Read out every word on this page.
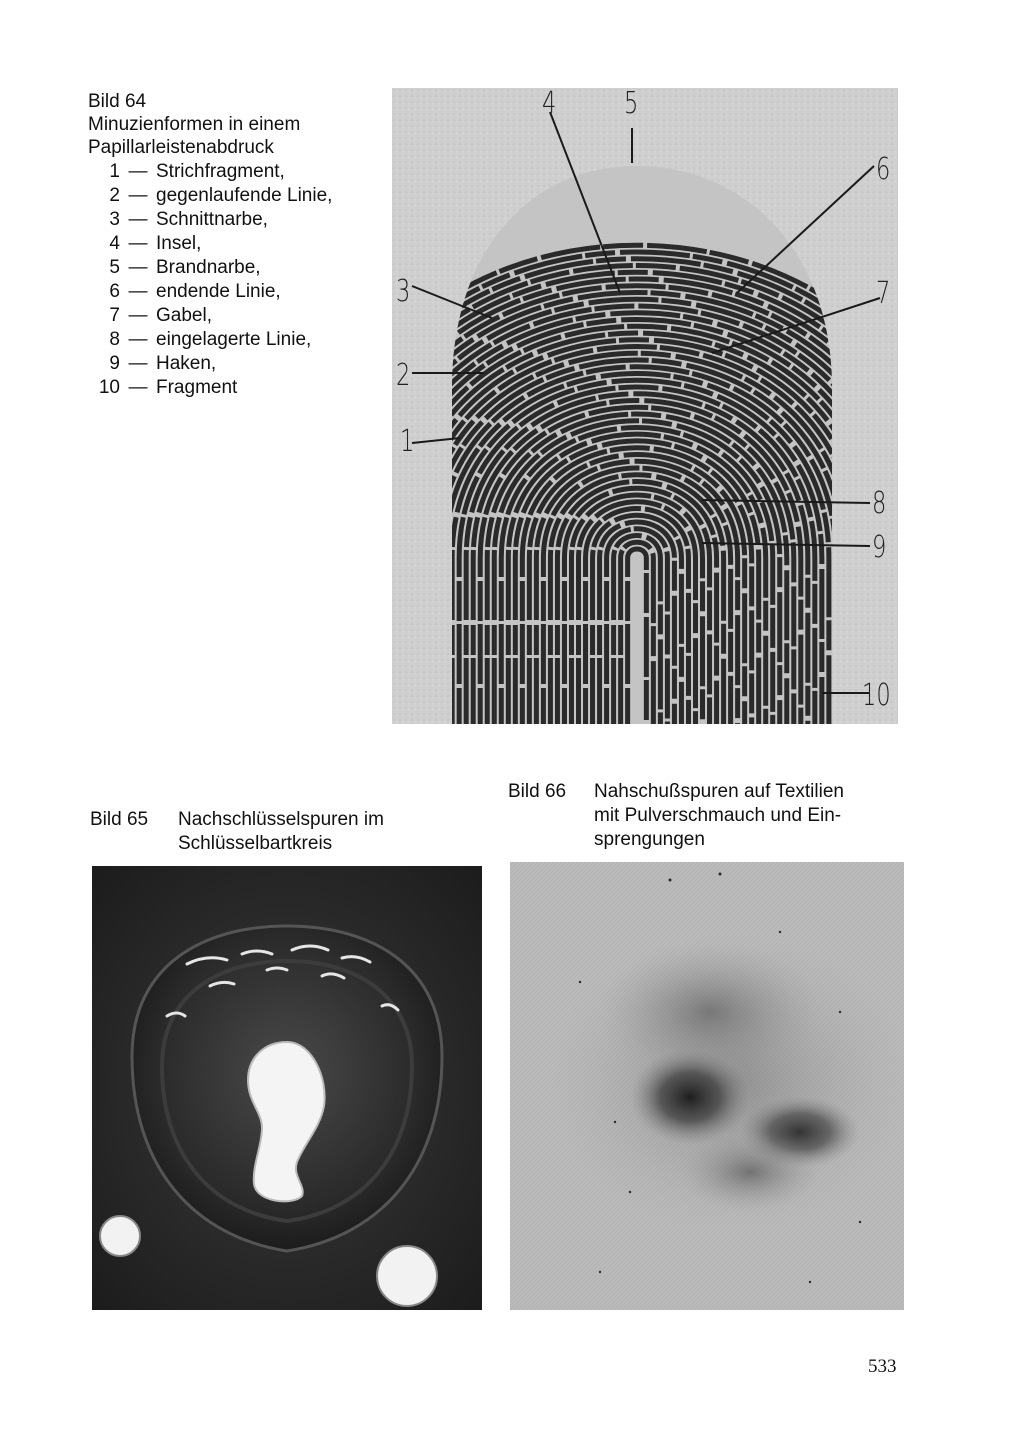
Bild 64
Minuzienformen in einem
Papillarleistenabdruck
1 — Strichfragment,
2 — gegenlaufende Linie,
3 — Schnittnarbe,
4 — Insel,
5 — Brandnarbe,
6 — endende Linie,
7 — Gabel,
8 — eingelagerte Linie,
9 — Haken,
10 — Fragment
4 5
6
3	7
2
1
8
9
10
Bild 65 Nachschlüsselspuren im
Schlüsselbartkreis
Bild 66 Nahschußspuren auf Textilien
mit Pulverschmauch und Ein-
sprengungen
533
